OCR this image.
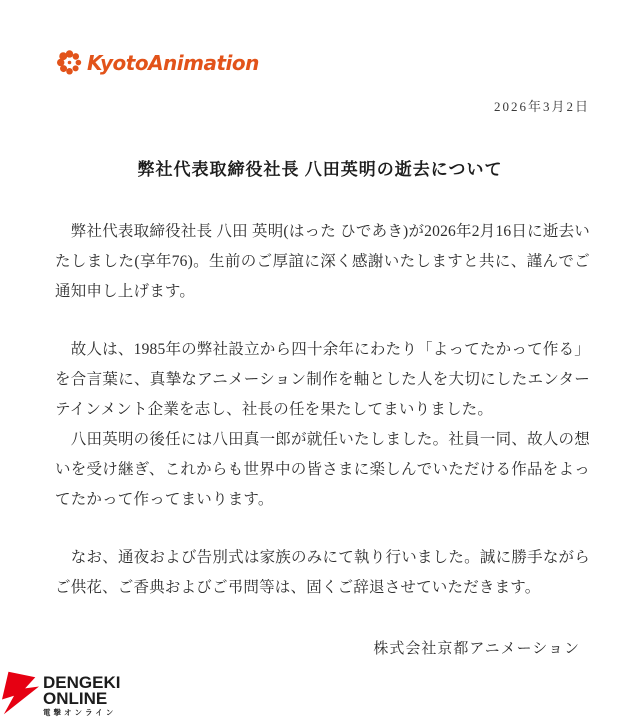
KyotoAnimation
2026年3月2日
弊社代表取締役社長 八田英明の逝去について

　弊社代表取締役社長 八田 英明(はった ひであき)が2026年2月16日に逝去いたしました(享年76)。生前のご厚誼に深く感謝いたしますと共に、謹んでご通知申し上げます。

　故人は、1985年の弊社設立から四十余年にわたり「よってたかって作る」を合言葉に、真摯なアニメーション制作を軸とした人を大切にしたエンターテインメント企業を志し、社長の任を果たしてまいりました。

　八田英明の後任には八田真一郎が就任いたしました。社員一同、故人の想いを受け継ぎ、これからも世界中の皆さまに楽しんでいただける作品をよってたかって作ってまいります。

　なお、通夜および告別式は家族のみにて執り行いました。誠に勝手ながらご供花、ご香典およびご弔問等は、固くご辞退させていただきます。

株式会社京都アニメーション
DENGEKI
ONLINE
電撃オンライン
